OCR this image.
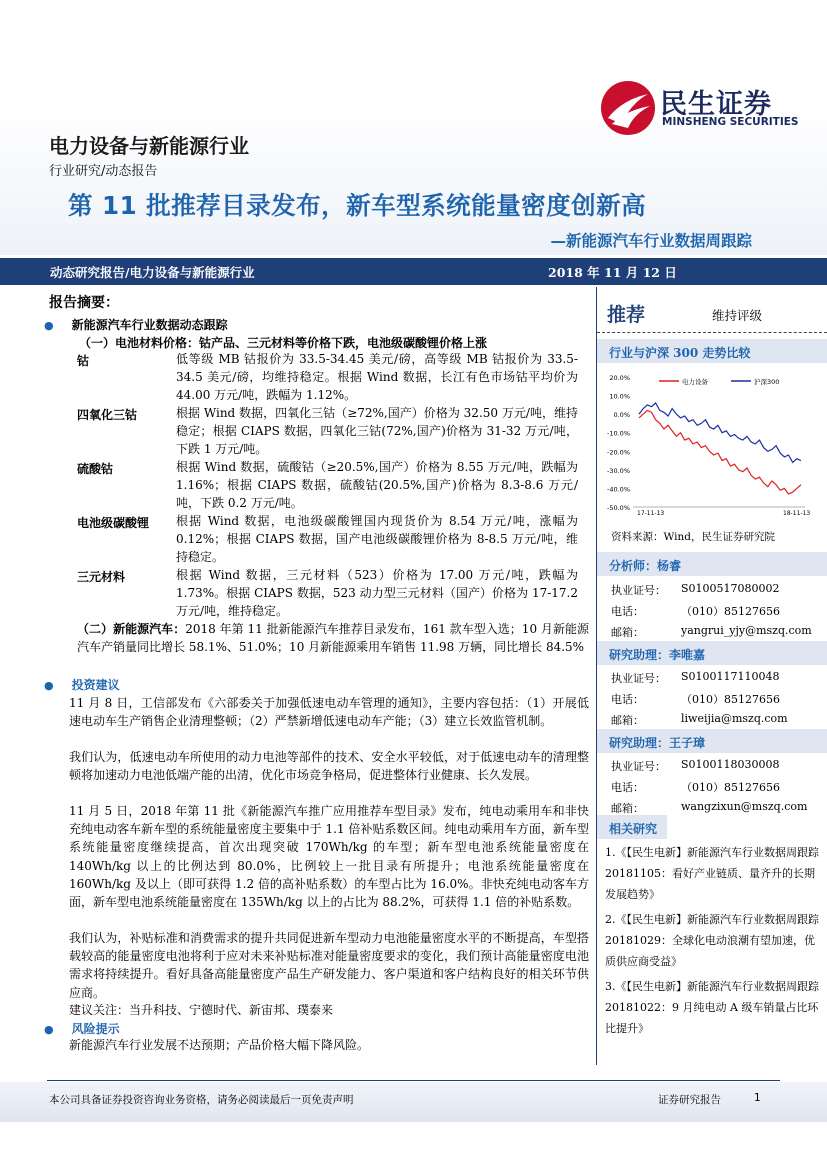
民生证券
MINSHENG SECURITIES
电力设备与新能源行业
行业研究/动态报告
第 11 批推荐目录发布，新车型系统能量密度创新高
—新能源汽车行业数据周跟踪
动态研究报告/电力设备与新能源行业	2018 年 11 月 12 日
报告摘要：
● 新能源汽车行业数据动态跟踪
（一）电池材料价格：钴产品、三元材料等价格下跌，电池级碳酸锂价格上涨
钴	低等级 MB 钴报价为 33.5-34.45 美元/磅，高等级 MB 钴报价为 33.5-34.5 美元/磅，均维持稳定。根据 Wind 数据，长江有色市场钴平均价为 44.00 万元/吨，跌幅为 1.12%。
四氧化三钴	根据 Wind 数据，四氧化三钴（≥72%,国产）价格为 32.50 万元/吨，维持稳定；根据 CIAPS 数据，四氧化三钴(72%,国产)价格为 31-32 万元/吨，下跌 1 万元/吨。
硫酸钴	根据 Wind 数据，硫酸钴（≥20.5%,国产）价格为 8.55 万元/吨，跌幅为 1.16%；根据 CIAPS 数据，硫酸钴(20.5%,国产)价格为 8.3-8.6 万元/吨，下跌 0.2 万元/吨。
电池级碳酸锂	根据 Wind 数据，电池级碳酸锂国内现货价为 8.54 万元/吨，涨幅为 0.12%；根据 CIAPS 数据，国产电池级碳酸锂价格为 8-8.5 万元/吨，维持稳定。
三元材料	根据 Wind 数据，三元材料（523）价格为 17.00 万元/吨，跌幅为 1.73%。根据 CIAPS 数据，523 动力型三元材料（国产）价格为 17-17.2 万元/吨，维持稳定。
（二）新能源汽车：2018 年第 11 批新能源汽车推荐目录发布，161 款车型入选；10 月新能源汽车产销量同比增长 58.1%、51.0%；10 月新能源乘用车销售 11.98 万辆，同比增长 84.5%
● 投资建议
11 月 8 日，工信部发布《六部委关于加强低速电动车管理的通知》，主要内容包括：（1）开展低速电动车生产销售企业清理整顿；（2）严禁新增低速电动车产能；（3）建立长效监管机制。
我们认为，低速电动车所使用的动力电池等部件的技术、安全水平较低，对于低速电动车的清理整顿将加速动力电池低端产能的出清，优化市场竞争格局，促进整体行业健康、长久发展。
11 月 5 日，2018 年第 11 批《新能源汽车推广应用推荐车型目录》发布，纯电动乘用车和非快充纯电动客车新车型的系统能量密度主要集中于 1.1 倍补贴系数区间。纯电动乘用车方面，新车型系统能量密度继续提高，首次出现突破 170Wh/kg 的车型；新车型电池系统能量密度在 140Wh/kg 以上的比例达到 80.0%，比例较上一批目录有所提升；电池系统能量密度在 160Wh/kg 及以上（即可获得 1.2 倍的高补贴系数）的车型占比为 16.0%。非快充纯电动客车方面，新车型电池系统能量密度在 135Wh/kg 以上的占比为 88.2%，可获得 1.1 倍的补贴系数。
我们认为，补贴标准和消费需求的提升共同促进新车型动力电池能量密度水平的不断提高，车型搭载较高的能量密度电池将利于应对未来补贴标准对能量密度要求的变化，我们预计高能量密度电池需求将持续提升。看好具备高能量密度产品生产研发能力、客户渠道和客户结构良好的相关环节供应商。
建议关注：当升科技、宁德时代、新宙邦、璞泰来
● 风险提示
新能源汽车行业发展不达预期；产品价格大幅下降风险。
推荐	维持评级
行业与沪深 300 走势比较
20.0%
10.0%
0.0%
-10.0%
-20.0%
-30.0%
-40.0%
-50.0%
17-11-13	18-11-13
电力设备	沪深300
资料来源：Wind，民生证券研究院
分析师：杨睿
执业证号： S0100517080002
电话：	（010）85127656
邮箱：	yangrui_yjy@mszq.com
研究助理：李唯嘉
执业证号： S0100117110048
电话：	（010）85127656
邮箱：	liweijia@mszq.com
研究助理：王子璋
执业证号： S0100118030008
电话：	（010）85127656
邮箱：	wangzixun@mszq.com
相关研究
1.《【民生电新】新能源汽车行业数据周跟踪 20181105：看好产业链质、量齐升的长期发展趋势》
2.《【民生电新】新能源汽车行业数据周跟踪 20181029：全球化电动浪潮有望加速，优质供应商受益》
3.《【民生电新】新能源汽车行业数据周跟踪 20181022：9 月纯电动 A 级车销量占比环比提升》
本公司具备证券投资咨询业务资格，请务必阅读最后一页免责声明	证券研究报告	1
